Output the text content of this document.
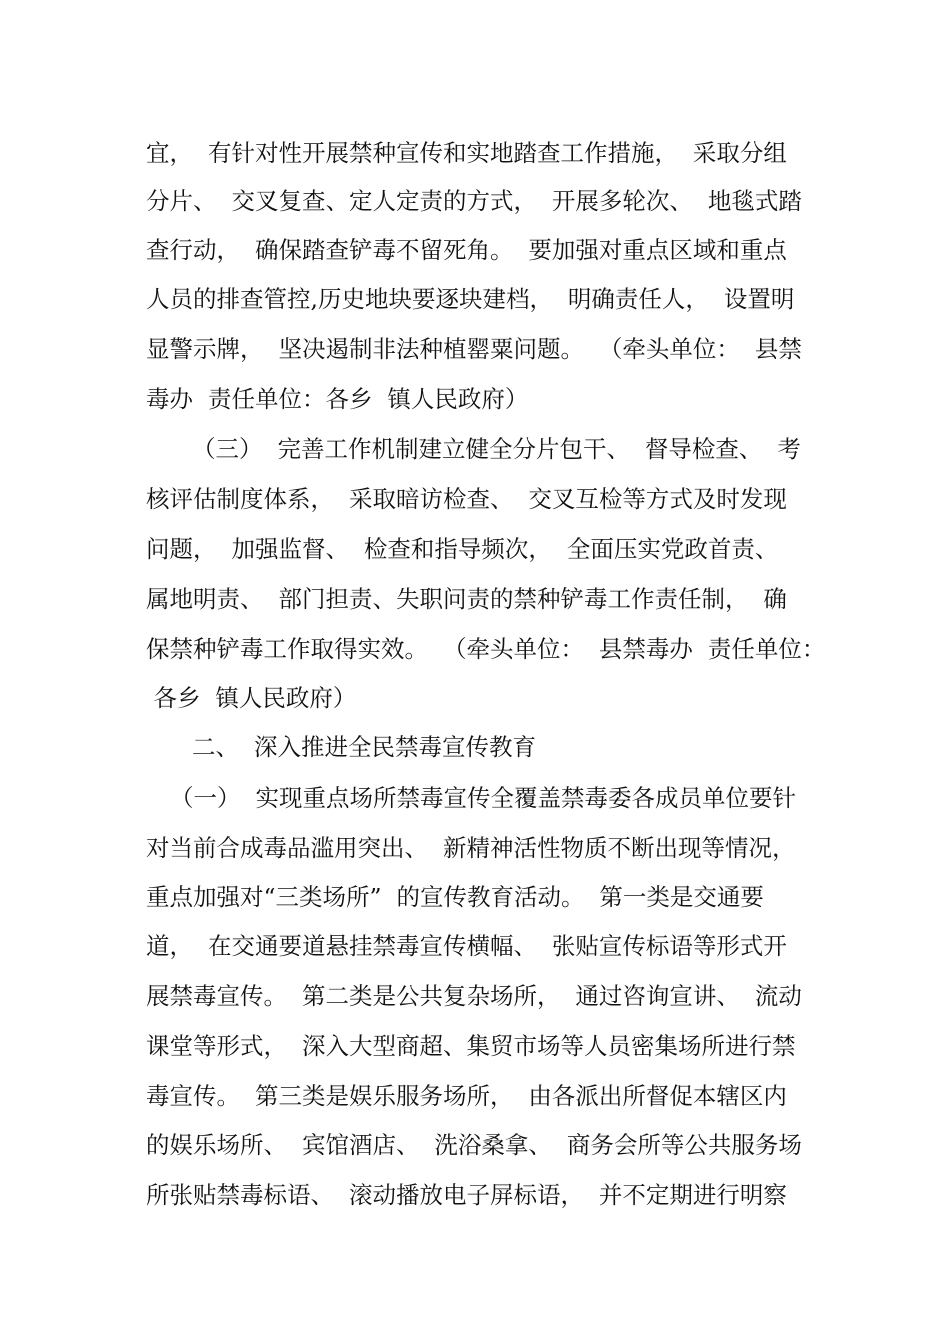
宜，  有针对性开展禁种宣传和实地踏查工作措施，  采取分组
分片、  交叉复查、定人定责的方式，  开展多轮次、  地毯式踏
查行动，  确保踏查铲毒不留死角。  要加强对重点区域和重点
人员的排查管控,历史地块要逐块建档，  明确责任人，  设置明
显警示牌，  坚决遏制非法种植罂粟问题。  （牵头单位：  县禁
毒办  责任单位：各乡  镇人民政府）
（三）  完善工作机制建立健全分片包干、  督导检查、  考
核评估制度体系，  采取暗访检查、  交叉互检等方式及时发现
问题，  加强监督、  检查和指导频次，  全面压实党政首责、
属地明责、  部门担责、失职问责的禁种铲毒工作责任制，  确
保禁种铲毒工作取得实效。  （牵头单位：  县禁毒办  责任单位：
各乡  镇人民政府）
二、  深入推进全民禁毒宣传教育
（一）  实现重点场所禁毒宣传全覆盖禁毒委各成员单位要针
对当前合成毒品滥用突出、  新精神活性物质不断出现等情况，
重点加强对“三类场所”  的宣传教育活动。  第一类是交通要
道，  在交通要道悬挂禁毒宣传横幅、  张贴宣传标语等形式开
展禁毒宣传。  第二类是公共复杂场所，  通过咨询宣讲、  流动
课堂等形式，  深入大型商超、集贸市场等人员密集场所进行禁
毒宣传。  第三类是娱乐服务场所，  由各派出所督促本辖区内
的娱乐场所、  宾馆酒店、  洗浴桑拿、  商务会所等公共服务场
所张贴禁毒标语、  滚动播放电子屏标语，  并不定期进行明察
